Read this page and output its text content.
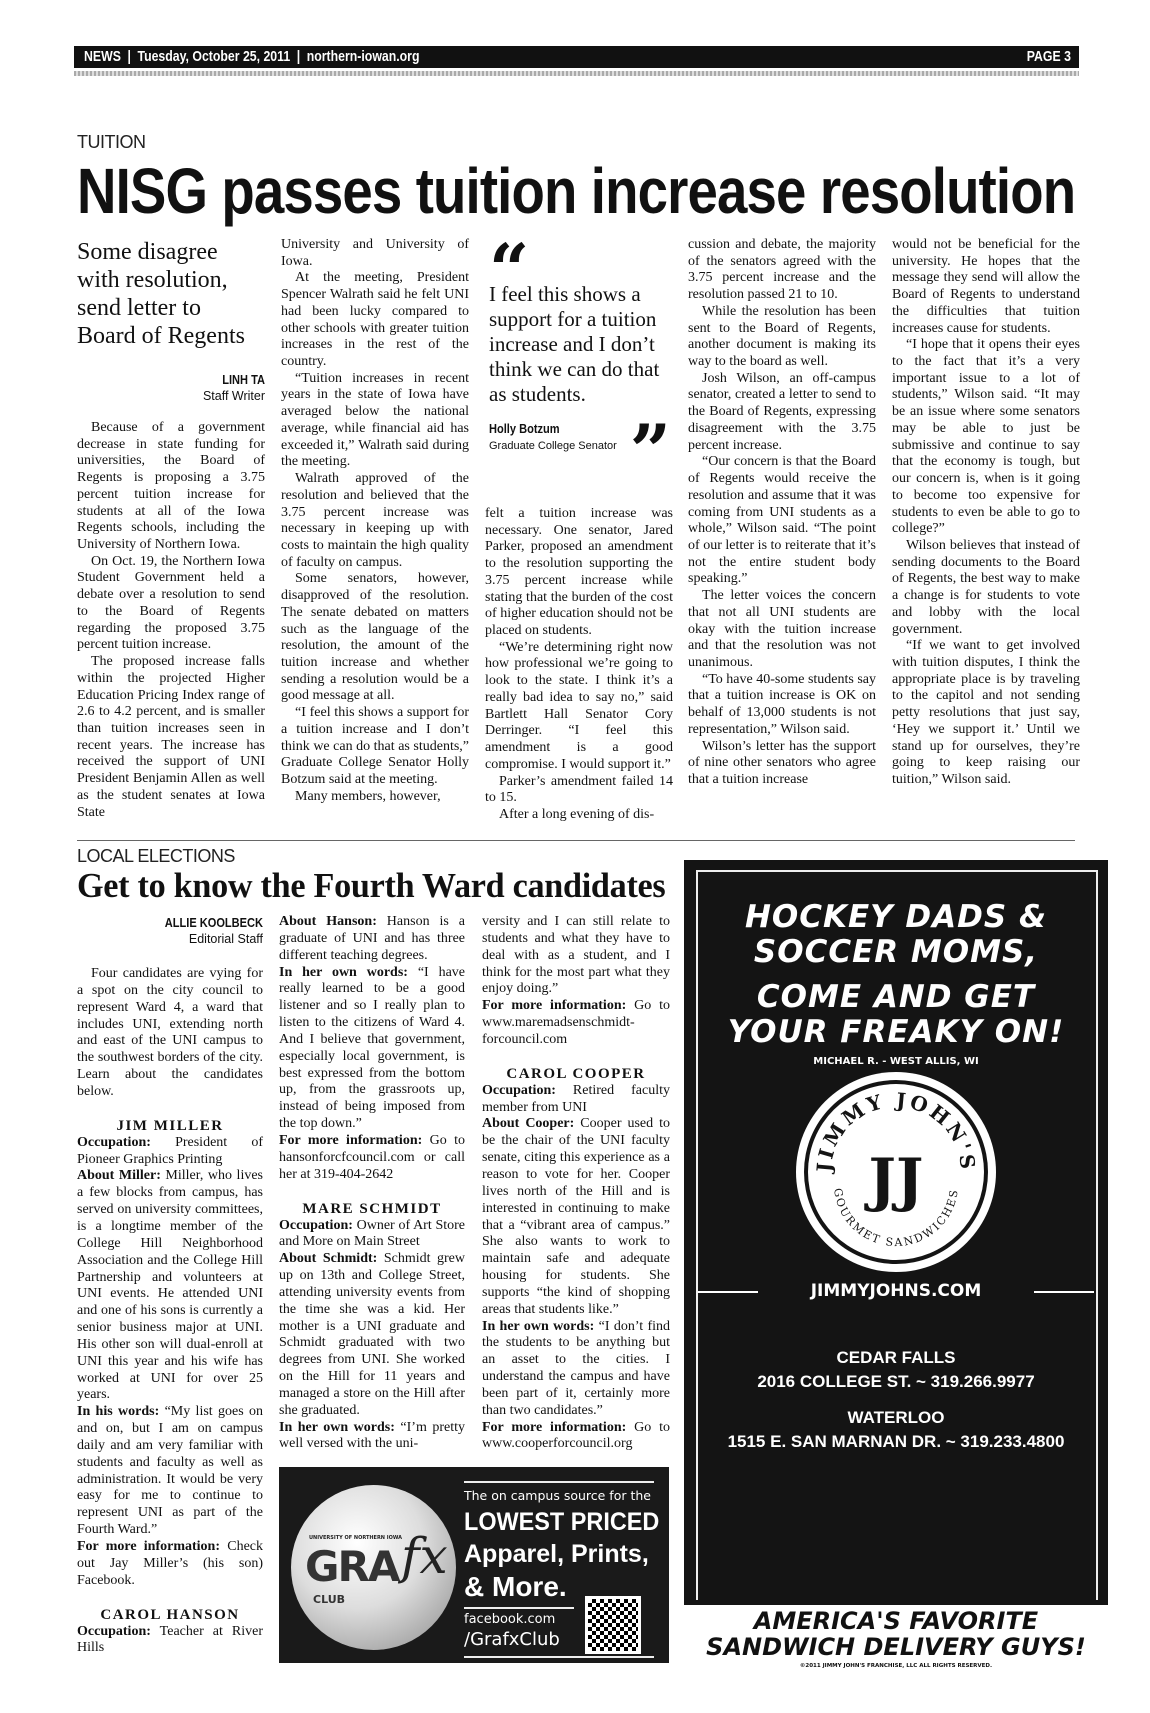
NEWS | Tuesday, October 25, 2011 | northern-iowan.org	PAGE 3
TUITION
NISG passes tuition increase resolution
Some disagree with resolution, send letter to Board of Regents
LINH TA
Staff Writer

Because of a government decrease in state funding for universities, the Board of Regents is proposing a 3.75 percent tuition increase for students at all of the Iowa Regents schools, including the University of Northern Iowa.

On Oct. 19, the Northern Iowa Student Government held a debate over a resolution to send to the Board of Regents regarding the proposed 3.75 percent tuition increase.

The proposed increase falls within the projected Higher Education Pricing Index range of 2.6 to 4.2 percent, and is smaller than tuition increases seen in recent years. The increase has received the support of UNI President Benjamin Allen as well as the student senates at Iowa State

University and University of Iowa.

At the meeting, President Spencer Walrath said he felt UNI had been lucky compared to other schools with greater tuition increases in the rest of the country.

“Tuition increases in recent years in the state of Iowa have averaged below the national average, while financial aid has exceeded it,” Walrath said during the meeting.

Walrath approved of the resolution and believed that the 3.75 percent increase was necessary in keeping up with costs to maintain the high quality of faculty on campus.

Some senators, however, disapproved of the resolution. The senate debated on matters such as the language of the resolution, the amount of the tuition increase and whether sending a resolution would be a good message at all.

“I feel this shows a support for a tuition increase and I don’t think we can do that as students,” Graduate College Senator Holly Botzum said at the meeting.

Many members, however,

“
I feel this shows a support for a tuition increase and I don’t think we can do that as students.
Holly Botzum
Graduate College Senator ”

felt a tuition increase was necessary. One senator, Jared Parker, proposed an amendment to the resolution supporting the 3.75 percent increase while stating that the burden of the cost of higher education should not be placed on students.

“We’re determining right now how professional we’re going to look to the state. I think it’s a really bad idea to say no,” said Bartlett Hall Senator Cory Derringer. “I feel this amendment is a good compromise. I would support it.”

Parker’s amendment failed 14 to 15.

After a long evening of dis-

cussion and debate, the majority of the senators agreed with the 3.75 percent increase and the resolution passed 21 to 10.

While the resolution has been sent to the Board of Regents, another document is making its way to the board as well.

Josh Wilson, an off-campus senator, created a letter to send to the Board of Regents, expressing disagreement with the 3.75 percent increase.

“Our concern is that the Board of Regents would receive the resolution and assume that it was coming from UNI students as a whole,” Wilson said. “The point of our letter is to reiterate that it’s not the entire student body speaking.”

The letter voices the concern that not all UNI students are okay with the tuition increase and that the resolution was not unanimous.

“To have 40-some students say that a tuition increase is OK on behalf of 13,000 students is not representation,” Wilson said.

Wilson’s letter has the support of nine other senators who agree that a tuition increase

would not be beneficial for the university. He hopes that the message they send will allow the Board of Regents to understand the difficulties that tuition increases cause for students.

“I hope that it opens their eyes to the fact that it’s a very important issue to a lot of students,” Wilson said. “It may be an issue where some senators may be able to just be submissive and continue to say that the economy is tough, but our concern is, when is it going to become too expensive for students to even be able to go to college?”

Wilson believes that instead of sending documents to the Board of Regents, the best way to make a change is for students to vote and lobby with the local government.

“If we want to get involved with tuition disputes, I think the appropriate place is by traveling to the capitol and not sending petty resolutions that just say, ‘Hey we support it.’ Until we stand up for ourselves, they’re going to keep raising our tuition,” Wilson said.

LOCAL ELECTIONS
Get to know the Fourth Ward candidates
ALLIE KOOLBECK
Editorial Staff

Four candidates are vying for a spot on the city council to represent Ward 4, a ward that includes UNI, extending north and east of the UNI campus to the southwest borders of the city. Learn about the candidates below.

JIM MILLER

Occupation: President of Pioneer Graphics Printing

About Miller: Miller, who lives a few blocks from campus, has served on university committees, is a longtime member of the College Hill Neighborhood Association and the College Hill Partnership and volunteers at UNI events. He attended UNI and one of his sons is currently a senior business major at UNI. His other son will dual-enroll at UNI this year and his wife has worked at UNI for over 25 years.

In his words: “My list goes on and on, but I am on campus daily and am very familiar with students and faculty as well as administration. It would be very easy for me to continue to represent UNI as part of the Fourth Ward.”

For more information: Check out Jay Miller’s (his son) Facebook.

CAROL HANSON

Occupation: Teacher at River Hills

About Hanson: Hanson is a graduate of UNI and has three different teaching degrees.

In her own words: “I have really learned to be a good listener and so I really plan to listen to the citizens of Ward 4. And I believe that government, especially local government, is best expressed from the bottom up, from the grassroots up, instead of being imposed from the top down.”

For more information: Go to hansonforcfcouncil.com or call her at 319-404-2642

MARE SCHMIDT

Occupation: Owner of Art Store and More on Main Street

About Schmidt: Schmidt grew up on 13th and College Street, attending university events from the time she was a kid. Her mother is a UNI graduate and Schmidt graduated with two degrees from UNI. She worked on the Hill for 11 years and managed a store on the Hill after she graduated.

In her own words: “I’m pretty well versed with the uni-

versity and I can still relate to students and what they have to deal with as a student, and I think for the most part what they enjoy doing.”

For more information: Go to www.maremadsenschmidt-forcouncil.com

CAROL COOPER

Occupation: Retired faculty member from UNI

About Cooper: Cooper used to be the chair of the UNI faculty senate, citing this experience as a reason to vote for her. Cooper lives north of the Hill and is interested in continuing to make that a “vibrant area of campus.” She also wants to work to maintain safe and adequate housing for students. She supports “the kind of shopping areas that students like.”

In her own words: “I don’t find the students to be anything but an asset to the cities. I understand the campus and have been part of it, certainly more than two candidates.”

For more information: Go to www.cooperforcouncil.org

UNIVERSITY OF NORTHERN IOWA
GRA fx
CLUB
The on campus source for the
LOWEST PRICED
Apparel, Prints,
& More.
facebook.com
/GrafxClub
HOCKEY DADS &
SOCCER MOMS,
COME AND GET
YOUR FREAKY ON!
MICHAEL R. - WEST ALLIS, WI
JIMMY JOHN'S
GOURMET SANDWICHES
JJ
JIMMYJOHNS.COM
CEDAR FALLS
2016 COLLEGE ST. ~ 319.266.9977
WATERLOO
1515 E. SAN MARNAN DR. ~ 319.233.4800
AMERICA'S FAVORITE
SANDWICH DELIVERY GUYS!
©2011 JIMMY JOHN'S FRANCHISE, LLC ALL RIGHTS RESERVED.
